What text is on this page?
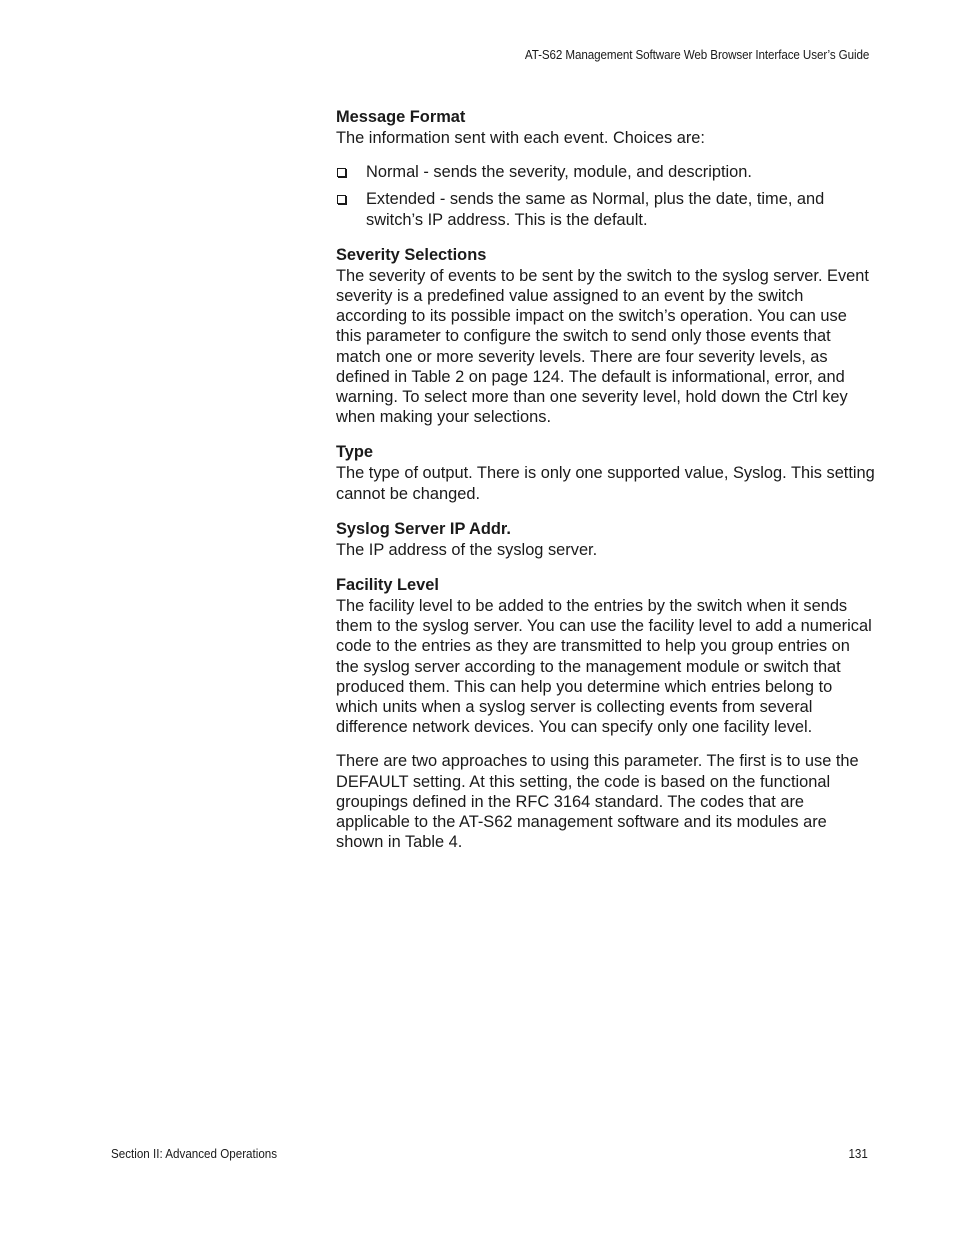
AT-S62 Management Software Web Browser Interface User’s Guide

Message Format

The information sent with each event. Choices are:

Normal - sends the severity, module, and description.
Extended - sends the same as Normal, plus the date, time, and switch’s IP address. This is the default.

Severity Selections

The severity of events to be sent by the switch to the syslog server. Event severity is a predefined value assigned to an event by the switch according to its possible impact on the switch’s operation. You can use this parameter to configure the switch to send only those events that match one or more severity levels. There are four severity levels, as defined in Table 2 on page 124. The default is informational, error, and warning. To select more than one severity level, hold down the Ctrl key when making your selections.

Type

The type of output. There is only one supported value, Syslog. This setting cannot be changed.

Syslog Server IP Addr.

The IP address of the syslog server.

Facility Level

The facility level to be added to the entries by the switch when it sends them to the syslog server. You can use the facility level to add a numerical code to the entries as they are transmitted to help you group entries on the syslog server according to the management module or switch that produced them. This can help you determine which entries belong to which units when a syslog server is collecting events from several difference network devices. You can specify only one facility level.

There are two approaches to using this parameter. The first is to use the DEFAULT setting. At this setting, the code is based on the functional groupings defined in the RFC 3164 standard. The codes that are applicable to the AT-S62 management software and its modules are shown in Table 4.

Section II: Advanced Operations	131
